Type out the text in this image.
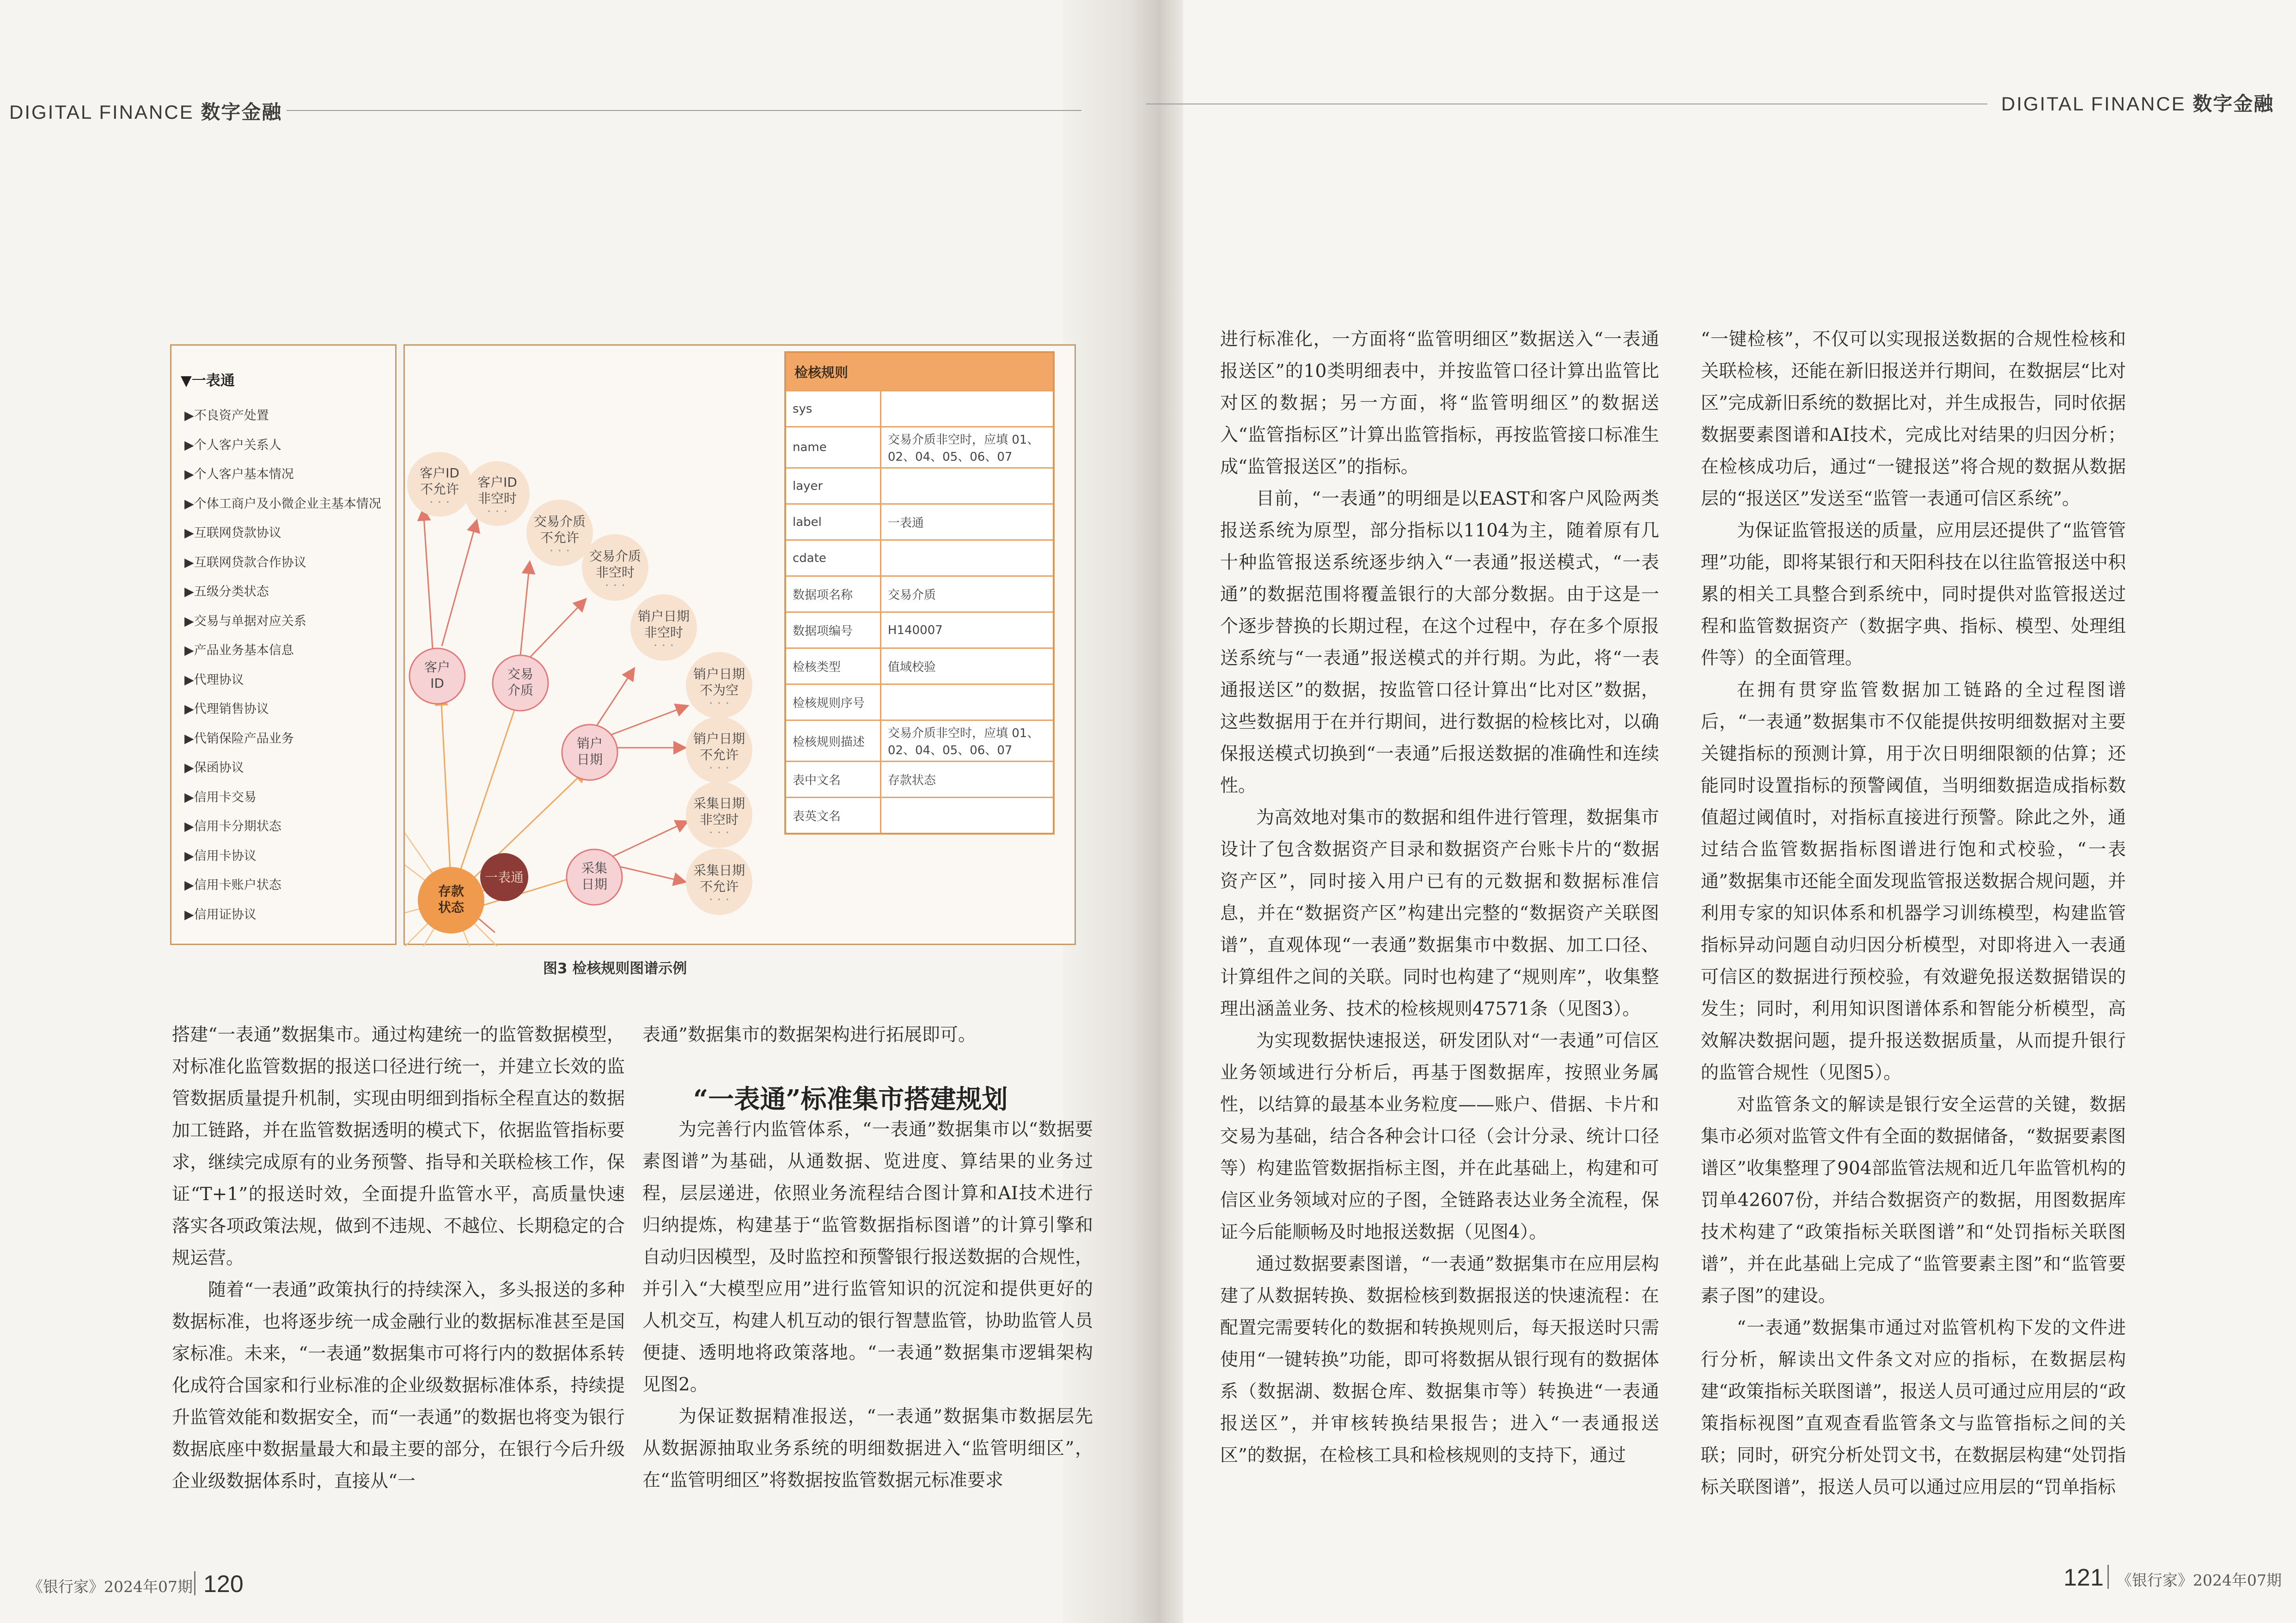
DIGITAL FINANCE 数字金融	DIGITAL FINANCE 数字金融
▼一表通
▶不良资产处置
▶个人客户关系人
▶个人客户基本情况
▶个体工商户及小微企业主基本情况
▶互联网贷款协议
▶互联网贷款合作协议
▶五级分类状态
▶交易与单据对应关系
▶产品业务基本信息
▶代理协议
▶代理销售协议
▶代销保险产品业务
▶保函协议
▶信用卡交易
▶信用卡分期状态
▶信用卡协议
▶信用卡账户状态
▶信用证协议
客户ID
不允许
· · ·
客户ID
非空时
· · ·
交易介质
不允许
· · · 交易介质
非空时
· · ·
销户日期
非空时
· · ·
销户日期
不为空
· · ·
销户日期
不允许
· · ·
采集日期
非空时
· · ·
采集日期
不允许
· · ·
客户
ID
交易
介质
销户
日期
采集
日期
一表通
存款
状态
检核规则	
sys	
name	交易介质非空时，应填 01、02、04、05、06、07
layer	
label	一表通
cdate	
数据项名称	交易介质
数据项编号	H140007
检核类型	值域校验
检核规则序号	
检核规则描述	交易介质非空时，应填 01、02、04、05、06、07
表中文名	存款状态
表英文名	
图3 检核规则图谱示例

搭建“一表通”数据集市。通过构建统一的监管数据模型，对标准化监管数据的报送口径进行统一，并建立长效的监管数据质量提升机制，实现由明细到指标全程直达的数据加工链路，并在监管数据透明的模式下，依据监管指标要求，继续完成原有的业务预警、指导和关联检核工作，保证“T+1”的报送时效，全面提升监管水平，高质量快速落实各项政策法规，做到不违规、不越位、长期稳定的合规运营。

随着“一表通”政策执行的持续深入，多头报送的多种数据标准，也将逐步统一成金融行业的数据标准甚至是国家标准。未来，“一表通”数据集市可将行内的数据体系转化成符合国家和行业标准的企业级数据标准体系，持续提升监管效能和数据安全，而“一表通”的数据也将变为银行数据底座中数据量最大和最主要的部分，在银行今后升级企业级数据体系时，直接从“一

表通”数据集市的数据架构进行拓展即可。

“一表通”标准集市搭建规划

为完善行内监管体系，“一表通”数据集市以“数据要素图谱”为基础，从通数据、览进度、算结果的业务过程，层层递进，依照业务流程结合图计算和AI技术进行归纳提炼，构建基于“监管数据指标图谱”的计算引擎和自动归因模型，及时监控和预警银行报送数据的合规性，并引入“大模型应用”进行监管知识的沉淀和提供更好的人机交互，构建人机互动的银行智慧监管，协助监管人员便捷、透明地将政策落地。“一表通”数据集市逻辑架构见图2。

为保证数据精准报送，“一表通”数据集市数据层先从数据源抽取业务系统的明细数据进入“监管明细区”，在“监管明细区”将数据按监管数据元标准要求

进行标准化，一方面将“监管明细区”数据送入“一表通报送区”的10类明细表中，并按监管口径计算出监管比对区的数据；另一方面，将“监管明细区”的数据送入“监管指标区”计算出监管指标，再按监管接口标准生成“监管报送区”的指标。

目前，“一表通”的明细是以EAST和客户风险两类报送系统为原型，部分指标以1104为主，随着原有几十种监管报送系统逐步纳入“一表通”报送模式，“一表通”的数据范围将覆盖银行的大部分数据。由于这是一个逐步替换的长期过程，在这个过程中，存在多个原报送系统与“一表通”报送模式的并行期。为此，将“一表通报送区”的数据，按监管口径计算出“比对区”数据，这些数据用于在并行期间，进行数据的检核比对，以确保报送模式切换到“一表通”后报送数据的准确性和连续性。

为高效地对集市的数据和组件进行管理，数据集市设计了包含数据资产目录和数据资产台账卡片的“数据资产区”，同时接入用户已有的元数据和数据标准信息，并在“数据资产区”构建出完整的“数据资产关联图谱”，直观体现“一表通”数据集市中数据、加工口径、计算组件之间的关联。同时也构建了“规则库”，收集整理出涵盖业务、技术的检核规则47571条（见图3）。

为实现数据快速报送，研发团队对“一表通”可信区业务领域进行分析后，再基于图数据库，按照业务属性，以结算的最基本业务粒度——账户、借据、卡片和交易为基础，结合各种会计口径（会计分录、统计口径等）构建监管数据指标主图，并在此基础上，构建和可信区业务领域对应的子图，全链路表达业务全流程，保证今后能顺畅及时地报送数据（见图4）。

通过数据要素图谱，“一表通”数据集市在应用层构建了从数据转换、数据检核到数据报送的快速流程：在配置完需要转化的数据和转换规则后，每天报送时只需使用“一键转换”功能，即可将数据从银行现有的数据体系（数据湖、数据仓库、数据集市等）转换进“一表通报送区”，并审核转换结果报告；进入“一表通报送区”的数据，在检核工具和检核规则的支持下，通过

“一键检核”，不仅可以实现报送数据的合规性检核和关联检核，还能在新旧报送并行期间，在数据层“比对区”完成新旧系统的数据比对，并生成报告，同时依据数据要素图谱和AI技术，完成比对结果的归因分析；在检核成功后，通过“一键报送”将合规的数据从数据层的“报送区”发送至“监管一表通可信区系统”。

为保证监管报送的质量，应用层还提供了“监管管理”功能，即将某银行和天阳科技在以往监管报送中积累的相关工具整合到系统中，同时提供对监管报送过程和监管数据资产（数据字典、指标、模型、处理组件等）的全面管理。

在拥有贯穿监管数据加工链路的全过程图谱后，“一表通”数据集市不仅能提供按明细数据对主要关键指标的预测计算，用于次日明细限额的估算；还能同时设置指标的预警阈值，当明细数据造成指标数值超过阈值时，对指标直接进行预警。除此之外，通过结合监管数据指标图谱进行饱和式校验，“一表通”数据集市还能全面发现监管报送数据合规问题，并利用专家的知识体系和机器学习训练模型，构建监管指标异动问题自动归因分析模型，对即将进入一表通可信区的数据进行预校验，有效避免报送数据错误的发生；同时，利用知识图谱体系和智能分析模型，高效解决数据问题，提升报送数据质量，从而提升银行的监管合规性（见图5）。

对监管条文的解读是银行安全运营的关键，数据集市必须对监管文件有全面的数据储备，“数据要素图谱区”收集整理了904部监管法规和近几年监管机构的罚单42607份，并结合数据资产的数据，用图数据库技术构建了“政策指标关联图谱”和“处罚指标关联图谱”，并在此基础上完成了“监管要素主图”和“监管要素子图”的建设。

“一表通”数据集市通过对监管机构下发的文件进行分析，解读出文件条文对应的指标，在数据层构建“政策指标关联图谱”，报送人员可通过应用层的“政策指标视图”直观查看监管条文与监管指标之间的关联；同时，研究分析处罚文书，在数据层构建“处罚指标关联图谱”，报送人员可以通过应用层的“罚单指标

《银行家》2024年07期 120	121 《银行家》2024年07期
